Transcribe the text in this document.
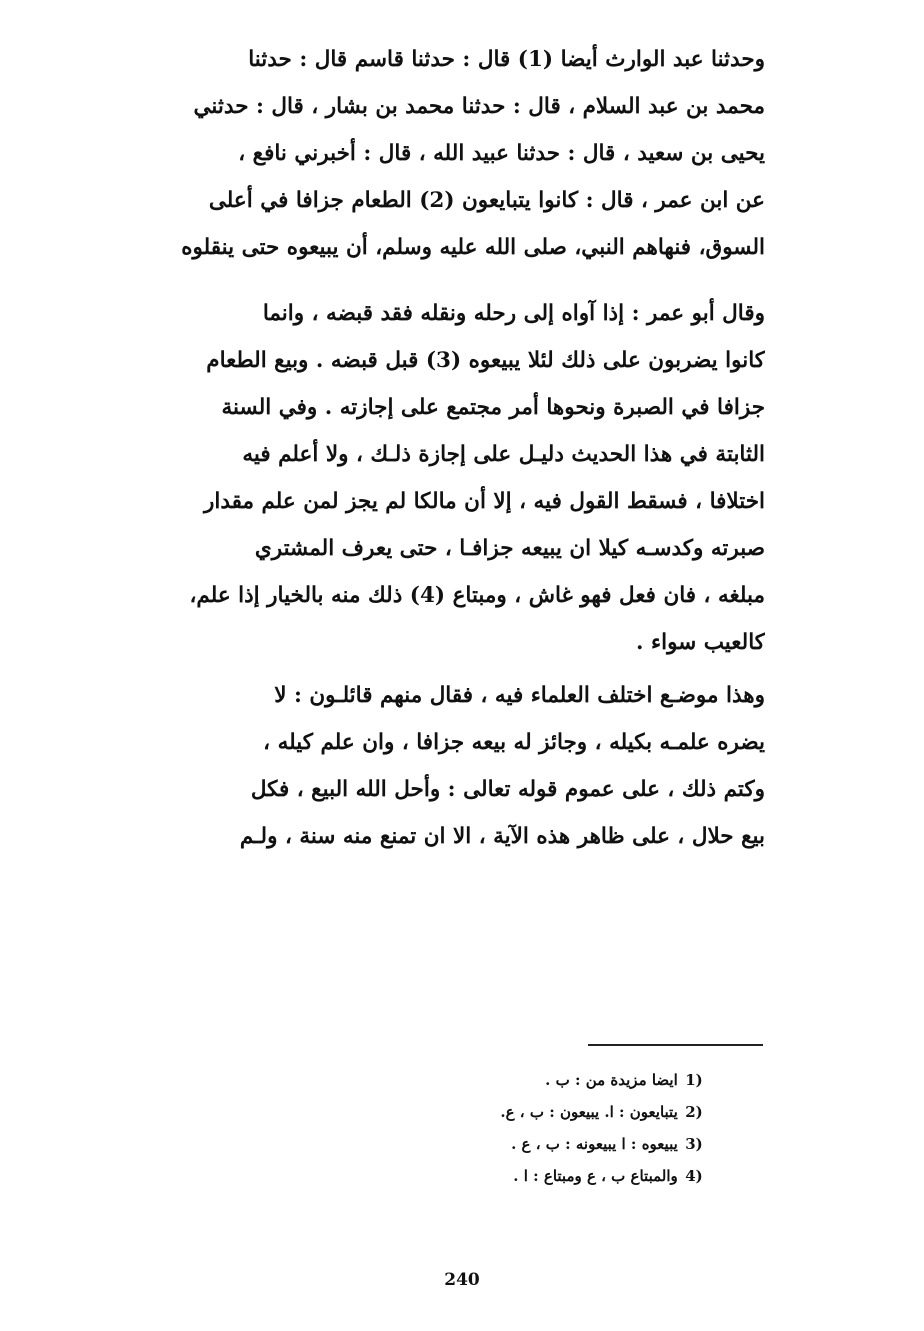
وحدثنا عبد الوارث أيضا (1) قال : حدثنا قاسم قال : حدثنا
محمد بن عبد السلام ، قال : حدثنا محمد بن بشار ، قال : حدثني
يحيى بن سعيد ، قال : حدثنا عبيد الله ، قال : أخبرني نافع ،
عن ابن عمر ، قال : كانوا يتبايعون (2) الطعام جزافا في أعلى
السوق، فنهاهم النبي، صلى الله عليه وسلم، أن يبيعوه حتى ينقلوه
وقال أبو عمر : إذا آواه إلى رحله ونقله فقد قبضه ، وانما
كانوا يضربون على ذلك لئلا يبيعوه (3) قبل قبضه . وبيع الطعام
جزافا في الصبرة ونحوها أمر مجتمع على إجازته . وفي السنة
الثابتة في هذا الحديث دليـل على إجازة ذلـك ، ولا أعلم فيه
اختلافا ، فسقط القول فيه ، إلا أن مالكا لم يجز لمن علم مقدار
صبرته وكدسـه كيلا ان يبيعه جزافـا ، حتى يعرف المشتري
مبلغه ، فان فعل فهو غاش ، ومبتاع (4) ذلك منه بالخيار إذا علم،
كالعيب سواء .
وهذا موضـع اختلف العلماء فيه ، فقال منهم قائلـون : لا
يضره علمـه بكيله ، وجائز له بيعه جزافا ، وان علم كيله ،
وكتم ذلك ، على عموم قوله تعالى : وأحل الله البيع ، فكل
بيع حلال ، على ظاهر هذه الآية ، الا ان تمنع منه سنة ، ولـم
1) ايضا مزيدة من : ب .
2) يتبايعون : ا. يبيعون : ب ، ع.
3) يبيعوه : ا يبيعونه : ب ، ع .
4) والمبتاع ب ، ع ومبتاع : ا .
240
